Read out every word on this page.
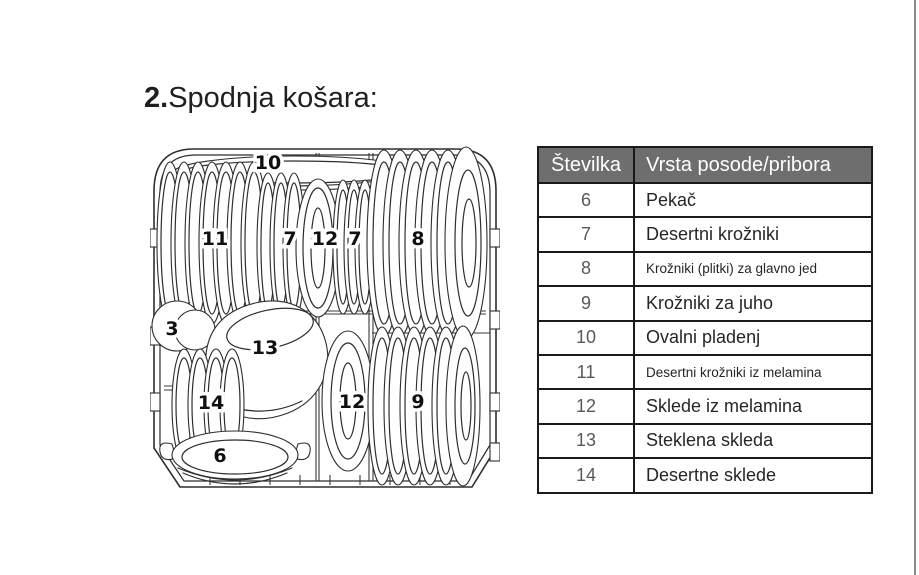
2.Spodnja košara:
10
11	7 12 7	8
3
13
14	12 9
6
Številka	Vrsta posode/pribora
6	Pekač
7	Desertni krožniki
8	Krožniki (plitki) za glavno jed
9	Krožniki za juho
10	Ovalni pladenj
11	Desertni krožniki iz melamina
12	Sklede iz melamina
13	Steklena skleda
14	Desertne sklede
